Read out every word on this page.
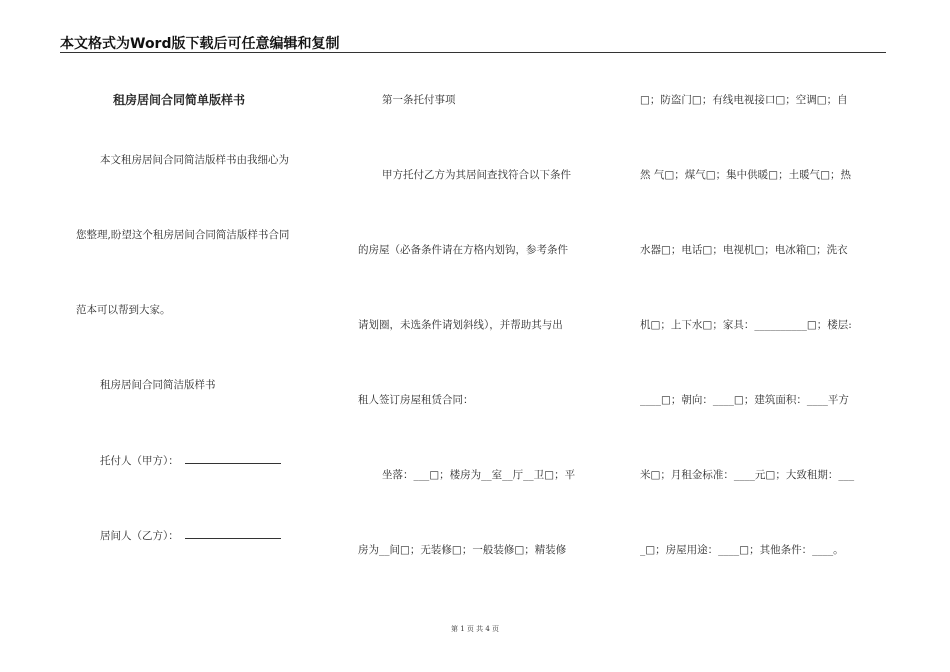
本文格式为Word版下载后可任意编辑和复制
租房居间合同简单版样书
本文租房居间合同简洁版样书由我细心为
您整理,盼望这个租房居间合同简洁版样书合同
范本可以帮到大家。
租房居间合同简洁版样书
托付人（甲方）：
居间人（乙方）：
第一条托付事项
甲方托付乙方为其居间查找符合以下条件
的房屋（必备条件请在方格内划钩，参考条件
请划圈，未选条件请划斜线），并帮助其与出
租人签订房屋租赁合同：
坐落：___□；楼房为__室__厅__卫□；平
房为__间□；无装修□；一般装修□；精装修
□；防盗门□；有线电视接口□；空调□；自
然 气□；煤气□；集中供暖□；土暖气□；热
水器□；电话□；电视机□；电冰箱□；洗衣
机□；上下水□；家具：__________□；楼层:
____□；朝向：____□；建筑面积：____平方
米□；月租金标准：____元□；大致租期：___
_□；房屋用途：____□；其他条件：____。
第 1 页 共 4 页
